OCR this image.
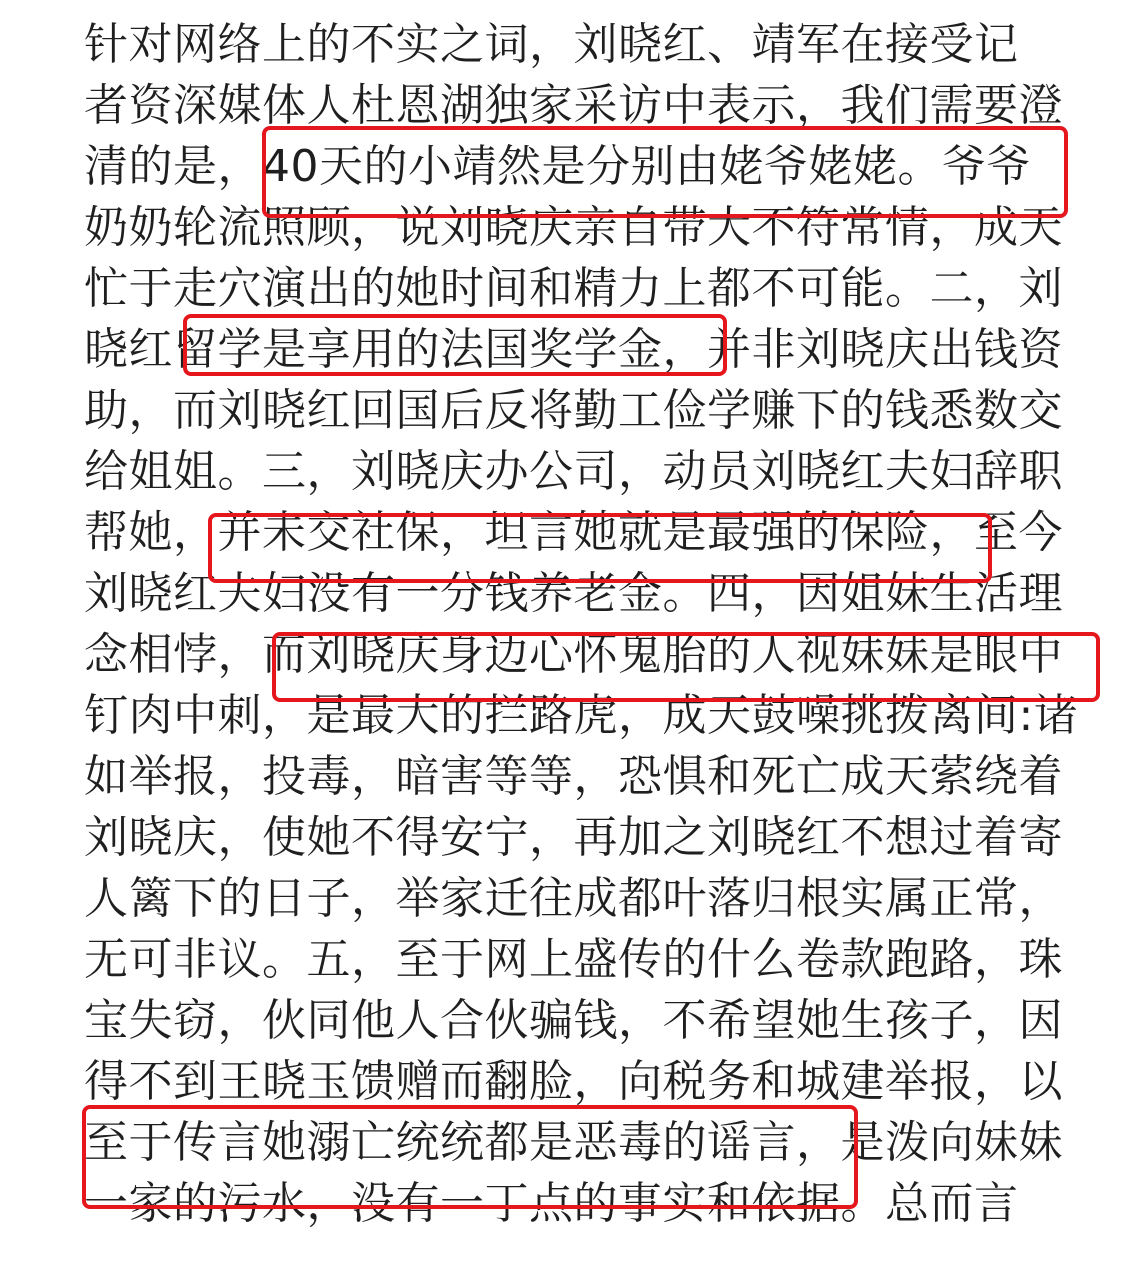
针对网络上的不实之词，刘晓红、靖军在接受记
者资深媒体人杜恩湖独家采访中表示，我们需要澄
清的是，40天的小靖然是分别由姥爷姥姥。爷爷
奶奶轮流照顾，说刘晓庆亲自带大不符常情，成天
忙于走穴演出的她时间和精力上都不可能。二，刘
晓红留学是享用的法国奖学金，并非刘晓庆出钱资
助，而刘晓红回国后反将勤工俭学赚下的钱悉数交
给姐姐。三，刘晓庆办公司，动员刘晓红夫妇辞职
帮她，并未交社保，坦言她就是最强的保险，至今
刘晓红夫妇没有一分钱养老金。四，因姐妹生活理
念相悖，而刘晓庆身边心怀鬼胎的人视妹妹是眼中
钉肉中刺，是最大的拦路虎，成天鼓噪挑拨离间:诸
如举报，投毒，暗害等等，恐惧和死亡成天萦绕着
刘晓庆，使她不得安宁，再加之刘晓红不想过着寄
人篱下的日子，举家迁往成都叶落归根实属正常，
无可非议。五，至于网上盛传的什么卷款跑路，珠
宝失窃，伙同他人合伙骗钱，不希望她生孩子，因
得不到王晓玉馈赠而翻脸，向税务和城建举报，以
至于传言她溺亡统统都是恶毒的谣言，是泼向妹妹
一家的污水，没有一丁点的事实和依据。总而言
